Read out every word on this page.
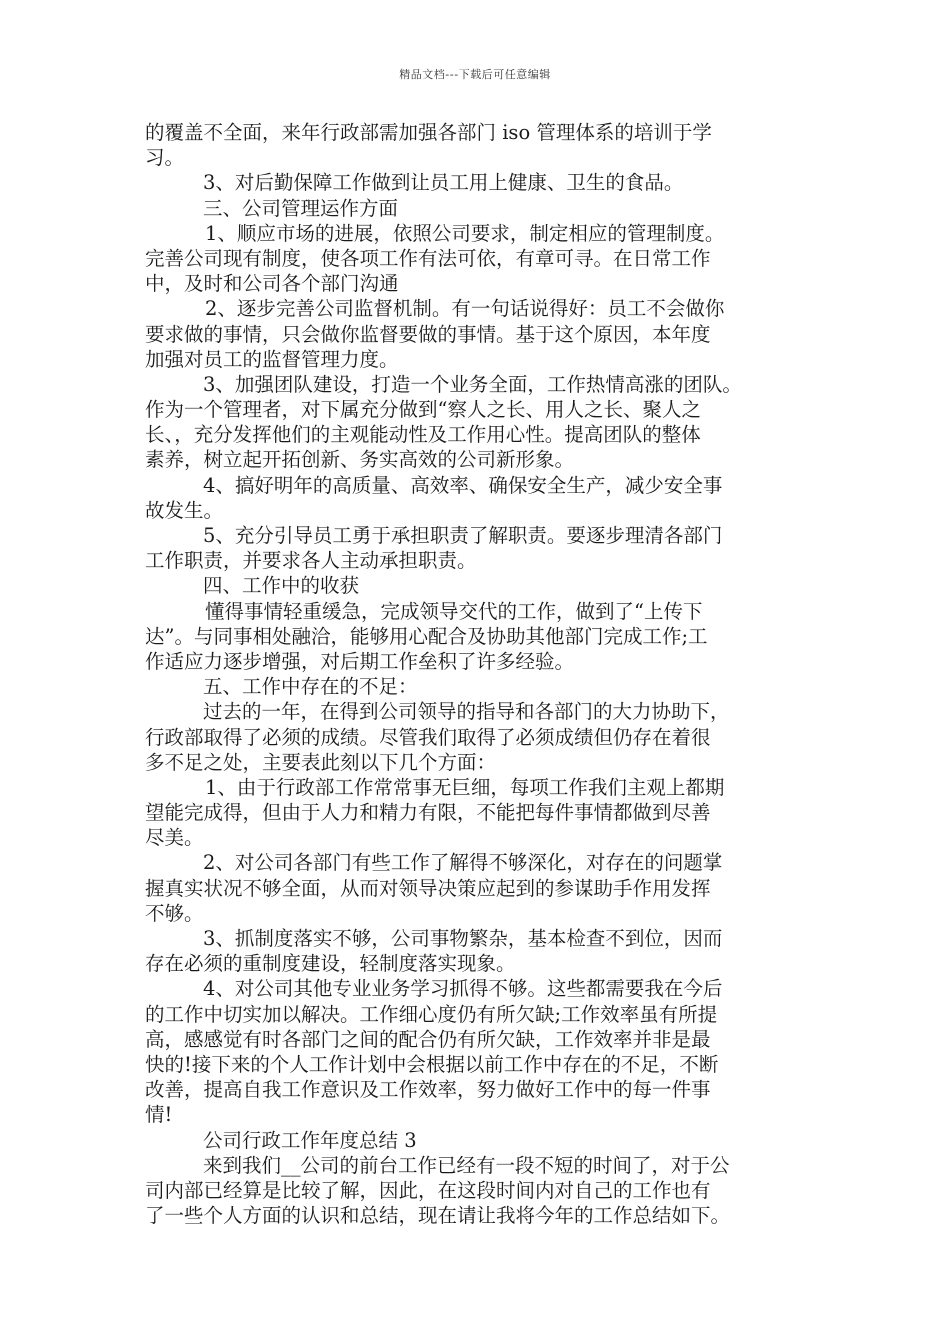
精品文档---下载后可任意编辑
的覆盖不全面，来年行政部需加强各部门 iso 管理体系的培训于学
习。
3、对后勤保障工作做到让员工用上健康、卫生的食品。
三、公司管理运作方面
1、顺应市场的进展，依照公司要求，制定相应的管理制度。
完善公司现有制度，使各项工作有法可依，有章可寻。在日常工作
中，及时和公司各个部门沟通
2、逐步完善公司监督机制。有一句话说得好：员工不会做你
要求做的事情，只会做你监督要做的事情。基于这个原因，本年度
加强对员工的监督管理力度。
3、加强团队建设，打造一个业务全面，工作热情高涨的团队。
作为一个管理者，对下属充分做到“察人之长、用人之长、聚人之
长、，充分发挥他们的主观能动性及工作用心性。提高团队的整体
素养，树立起开拓创新、务实高效的公司新形象。
4、搞好明年的高质量、高效率、确保安全生产，减少安全事
故发生。
5、充分引导员工勇于承担职责了解职责。要逐步理清各部门
工作职责，并要求各人主动承担职责。
四、工作中的收获
懂得事情轻重缓急，完成领导交代的工作，做到了“上传下
达”。与同事相处融洽，能够用心配合及协助其他部门完成工作;工
作适应力逐步增强，对后期工作垒积了许多经验。
五、工作中存在的不足：
过去的一年，在得到公司领导的指导和各部门的大力协助下，
行政部取得了必须的成绩。尽管我们取得了必须成绩但仍存在着很
多不足之处，主要表此刻以下几个方面：
1、由于行政部工作常常事无巨细，每项工作我们主观上都期
望能完成得，但由于人力和精力有限，不能把每件事情都做到尽善
尽美。
2、对公司各部门有些工作了解得不够深化，对存在的问题掌
握真实状况不够全面，从而对领导决策应起到的参谋助手作用发挥
不够。
3、抓制度落实不够，公司事物繁杂，基本检查不到位，因而
存在必须的重制度建设，轻制度落实现象。
4、对公司其他专业业务学习抓得不够。这些都需要我在今后
的工作中切实加以解决。工作细心度仍有所欠缺;工作效率虽有所提
高，感感觉有时各部门之间的配合仍有所欠缺，工作效率并非是最
快的!接下来的个人工作计划中会根据以前工作中存在的不足，不断
改善，提高自我工作意识及工作效率，努力做好工作中的每一件事
情!
公司行政工作年度总结 3
来到我们__公司的前台工作已经有一段不短的时间了，对于公
司内部已经算是比较了解，因此，在这段时间内对自己的工作也有
了一些个人方面的认识和总结，现在请让我将今年的工作总结如下。
